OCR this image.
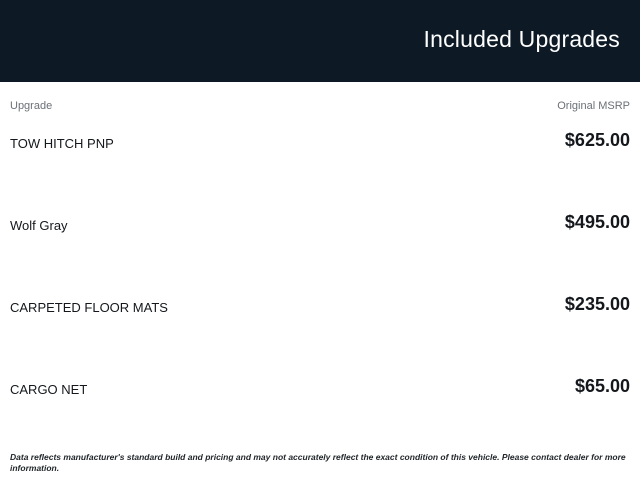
Included Upgrades
Upgrade	Original MSRP
TOW HITCH PNP	$625.00
Wolf Gray	$495.00
CARPETED FLOOR MATS	$235.00
CARGO NET	$65.00
Data reflects manufacturer's standard build and pricing and may not accurately reflect the exact condition of this vehicle. Please contact dealer for more information.
